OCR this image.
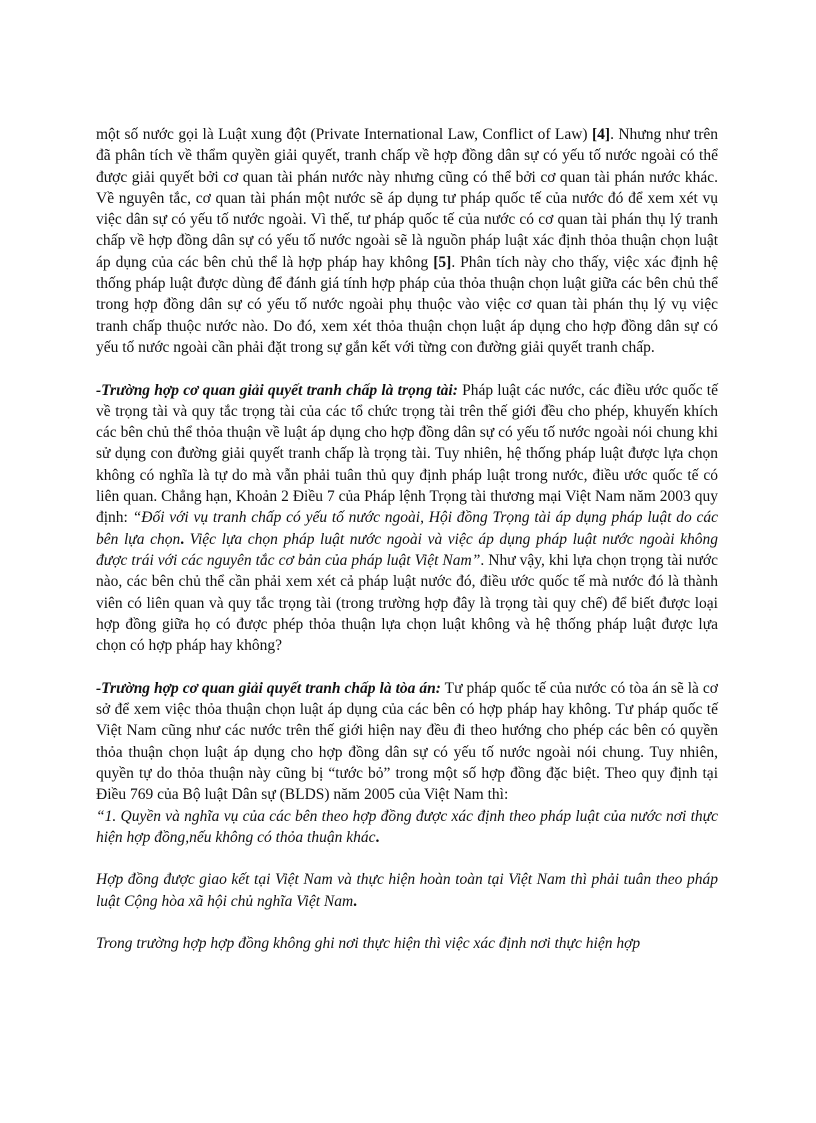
một số nước gọi là Luật xung đột (Private International Law, Conflict of Law) [4]. Nhưng như trên đã phân tích về thẩm quyền giải quyết, tranh chấp về hợp đồng dân sự có yếu tố nước ngoài có thể được giải quyết bởi cơ quan tài phán nước này nhưng cũng có thể bởi cơ quan tài phán nước khác. Về nguyên tắc, cơ quan tài phán một nước sẽ áp dụng tư pháp quốc tế của nước đó để xem xét vụ việc dân sự có yếu tố nước ngoài. Vì thế, tư pháp quốc tế của nước có cơ quan tài phán thụ lý tranh chấp về hợp đồng dân sự có yếu tố nước ngoài sẽ là nguồn pháp luật xác định thỏa thuận chọn luật áp dụng của các bên chủ thể là hợp pháp hay không [5]. Phân tích này cho thấy, việc xác định hệ thống pháp luật được dùng để đánh giá tính hợp pháp của thỏa thuận chọn luật giữa các bên chủ thể trong hợp đồng dân sự có yếu tố nước ngoài phụ thuộc vào việc cơ quan tài phán thụ lý vụ việc tranh chấp thuộc nước nào. Do đó, xem xét thỏa thuận chọn luật áp dụng cho hợp đồng dân sự có yếu tố nước ngoài cần phải đặt trong sự gắn kết với từng con đường giải quyết tranh chấp.

-Trường hợp cơ quan giải quyết tranh chấp là trọng tài: Pháp luật các nước, các điều ước quốc tế về trọng tài và quy tắc trọng tài của các tổ chức trọng tài trên thế giới đều cho phép, khuyến khích các bên chủ thể thỏa thuận về luật áp dụng cho hợp đồng dân sự có yếu tố nước ngoài nói chung khi sử dụng con đường giải quyết tranh chấp là trọng tài. Tuy nhiên, hệ thống pháp luật được lựa chọn không có nghĩa là tự do mà vẫn phải tuân thủ quy định pháp luật trong nước, điều ước quốc tế có liên quan. Chẳng hạn, Khoản 2 Điều 7 của Pháp lệnh Trọng tài thương mại Việt Nam năm 2003 quy định: “Đối với vụ tranh chấp có yếu tố nước ngoài, Hội đồng Trọng tài áp dụng pháp luật do các bên lựa chọn. Việc lựa chọn pháp luật nước ngoài và việc áp dụng pháp luật nước ngoài không được trái với các nguyên tắc cơ bản của pháp luật Việt Nam”. Như vậy, khi lựa chọn trọng tài nước nào, các bên chủ thể cần phải xem xét cả pháp luật nước đó, điều ước quốc tế mà nước đó là thành viên có liên quan và quy tắc trọng tài (trong trường hợp đây là trọng tài quy chế) để biết được loại hợp đồng giữa họ có được phép thỏa thuận lựa chọn luật không và hệ thống pháp luật được lựa chọn có hợp pháp hay không?

-Trường hợp cơ quan giải quyết tranh chấp là tòa án: Tư pháp quốc tế của nước có tòa án sẽ là cơ sở để xem việc thỏa thuận chọn luật áp dụng của các bên có hợp pháp hay không. Tư pháp quốc tế Việt Nam cũng như các nước trên thế giới hiện nay đều đi theo hướng cho phép các bên có quyền thỏa thuận chọn luật áp dụng cho hợp đồng dân sự có yếu tố nước ngoài nói chung. Tuy nhiên, quyền tự do thỏa thuận này cũng bị “tước bỏ” trong một số hợp đồng đặc biệt. Theo quy định tại Điều 769 của Bộ luật Dân sự (BLDS) năm 2005 của Việt Nam thì:

“1. Quyền và nghĩa vụ của các bên theo hợp đồng được xác định theo pháp luật của nước nơi thực hiện hợp đồng,nếu không có thỏa thuận khác.

Hợp đồng được giao kết tại Việt Nam và thực hiện hoàn toàn tại Việt Nam thì phải tuân theo pháp luật Cộng hòa xã hội chủ nghĩa Việt Nam.

Trong trường hợp hợp đồng không ghi nơi thực hiện thì việc xác định nơi thực hiện hợp
